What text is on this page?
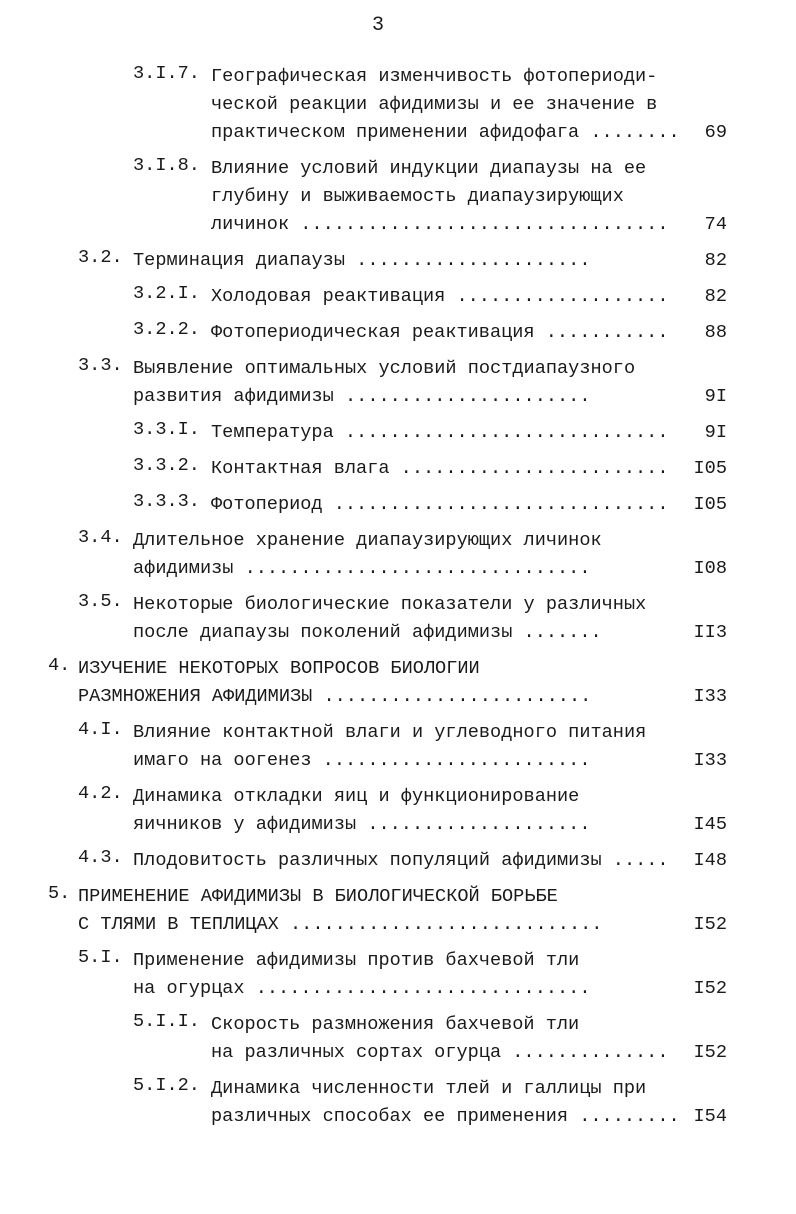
3
3.I.7. Географическая изменчивость фотопериоди-
ческой реакции афидимизы и ее значение в
практическом применении афидофага ........ 69
3.I.8. Влияние условий индукции диапаузы на ее
глубину и выживаемость диапаузирующих
личинок ................................. 74
3.2. Терминация диапаузы .....................	82
3.2.I. Холодовая реактивация ................... 82
3.2.2. Фотопериодическая реактивация ........... 88
3.3. Выявление оптимальных условий постдиапаузного
развития афидимизы ......................	9I
3.3.I. Температура ............................. 9I
3.3.2. Контактная влага ........................ I05
3.3.3. Фотопериод .............................. I05
3.4. Длительное хранение диапаузирующих личинок
афидимизы ...............................	I08
3.5. Некоторые биологические показатели у различных
после диапаузы поколений афидимизы .......	II3
4. ИЗУЧЕНИЕ НЕКОТОРЫХ ВОПРОСОВ БИОЛОГИИ
РАЗМНОЖЕНИЯ АФИДИМИЗЫ ........................	I33
4.I. Влияние контактной влаги и углеводного питания
имаго на оогенез ........................	I33
4.2. Динамика откладки яиц и функционирование
яичников у афидимизы ....................	I45
4.3. Плодовитость различных популяций афидимизы ..... I48
5. ПРИМЕНЕНИЕ АФИДИМИЗЫ В БИОЛОГИЧЕСКОЙ БОРЬБЕ
С ТЛЯМИ В ТЕПЛИЦАХ ............................	I52
5.I. Применение афидимизы против бахчевой тли
на огурцах ..............................	I52
5.I.I. Скорость размножения бахчевой тли
на различных сортах огурца .............. I52
5.I.2. Динамика численности тлей и галлицы при
различных способах ее применения ......... I54
